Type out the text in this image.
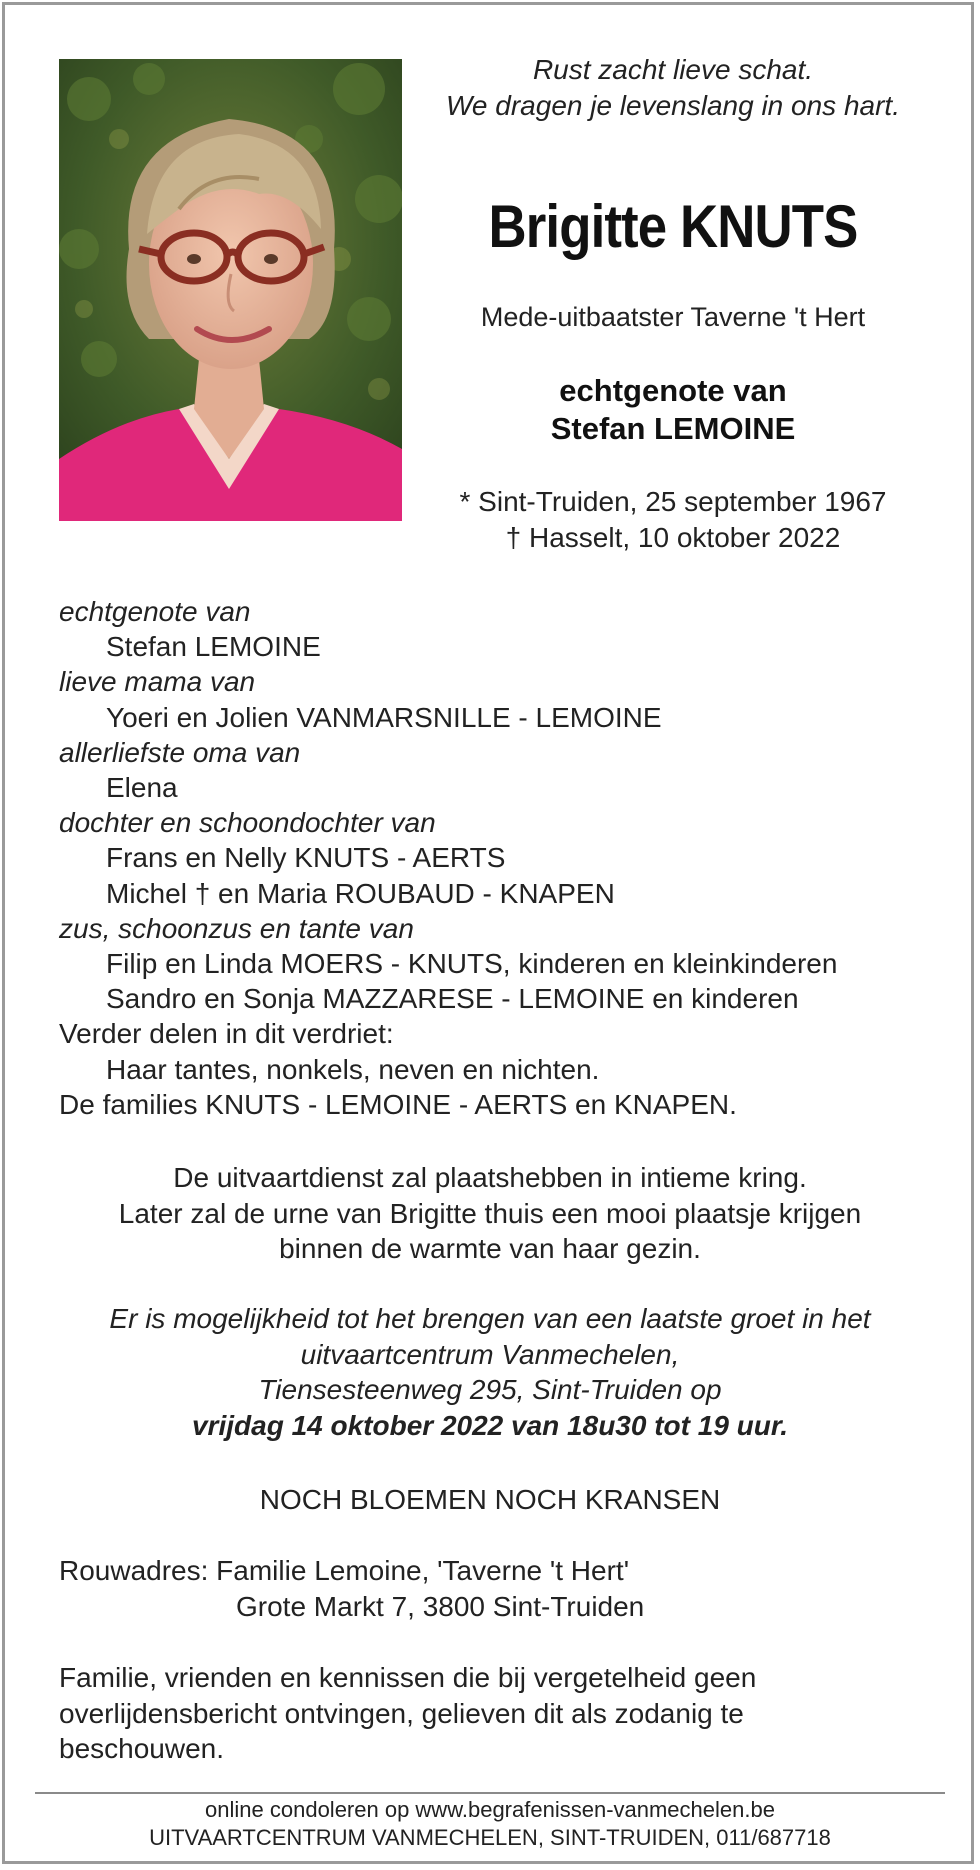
Rust zacht lieve schat.
We dragen je levenslang in ons hart.
Brigitte KNUTS
Mede-uitbaatster Taverne 't Hert
echtgenote van
Stefan LEMOINE
* Sint-Truiden, 25 september 1967
† Hasselt, 10 oktober 2022
echtgenote van
Stefan LEMOINE
lieve mama van
Yoeri en Jolien VANMARSNILLE - LEMOINE
allerliefste oma van
Elena
dochter en schoondochter van
Frans en Nelly KNUTS - AERTS
Michel † en Maria ROUBAUD - KNAPEN
zus, schoonzus en tante van
Filip en Linda MOERS - KNUTS, kinderen en kleinkinderen
Sandro en Sonja MAZZARESE - LEMOINE en kinderen
Verder delen in dit verdriet:
Haar tantes, nonkels, neven en nichten.
De families KNUTS - LEMOINE - AERTS en KNAPEN.
De uitvaartdienst zal plaatshebben in intieme kring.
Later zal de urne van Brigitte thuis een mooi plaatsje krijgen
binnen de warmte van haar gezin.
Er is mogelijkheid tot het brengen van een laatste groet in het
uitvaartcentrum Vanmechelen,
Tiensesteenweg 295, Sint-Truiden op
vrijdag 14 oktober 2022 van 18u30 tot 19 uur.
NOCH BLOEMEN NOCH KRANSEN
Rouwadres: Familie Lemoine, 'Taverne 't Hert'
Grote Markt 7, 3800 Sint-Truiden
Familie, vrienden en kennissen die bij vergetelheid geen
overlijdensbericht ontvingen, gelieven dit als zodanig te
beschouwen.
online condoleren op www.begrafenissen-vanmechelen.be
UITVAARTCENTRUM VANMECHELEN, SINT-TRUIDEN, 011/687718
